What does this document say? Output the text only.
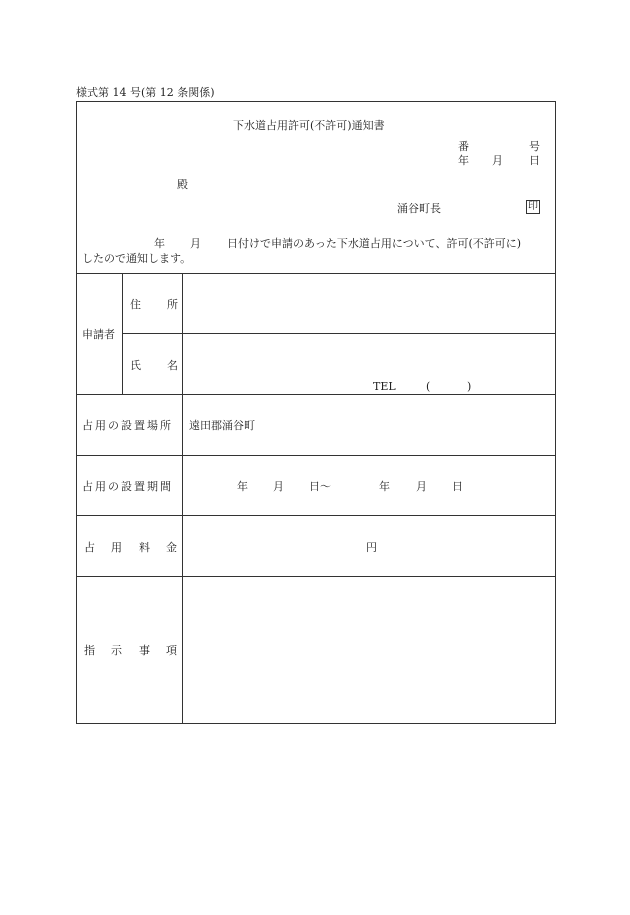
様式第 14 号(第 12 条関係)
下水道占用許可(不許可)通知書
番	号
年 月 日
殿
涌谷町長	印
年 月 日付けで申請のあった下水道占用について、許可(不許可に)
したので通知します。
申請者
住 所
氏 名
TEL	(	)
占用の設置場所 遠田郡涌谷町
占用の設置期間	年 月 日〜	年 月 日
占 用 料 金	円
指 示 事 項
